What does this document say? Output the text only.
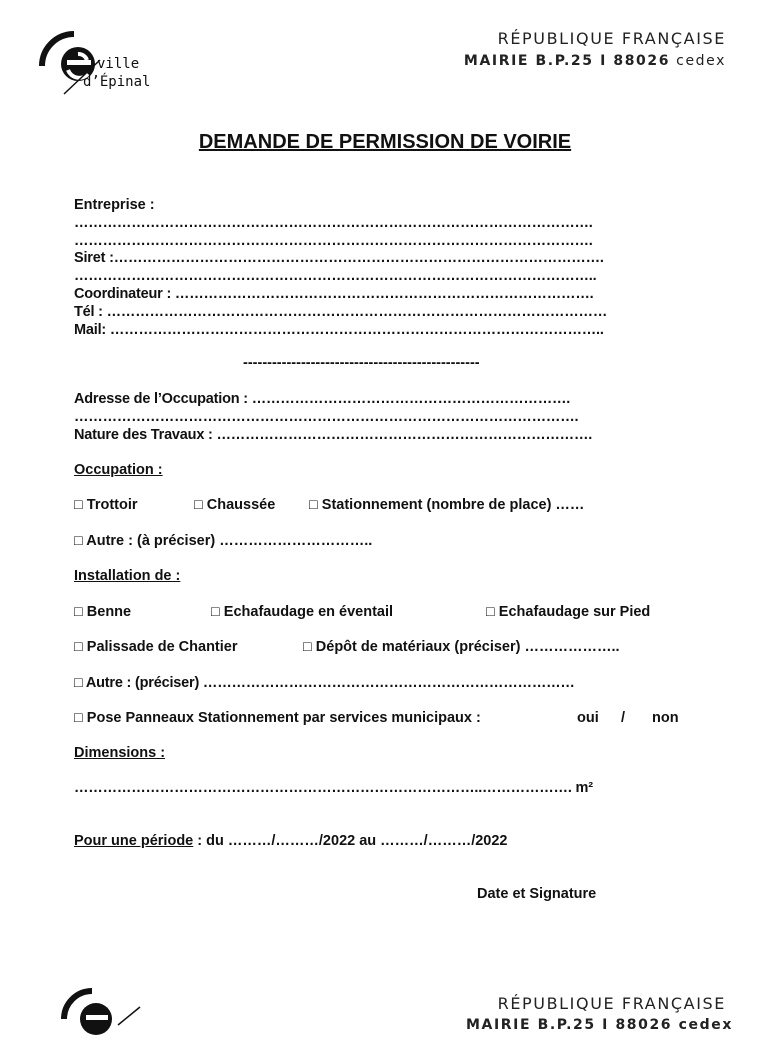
ville
d’Épinal
RÉPUBLIQUE FRANÇAISE
MAIRIE B.P.25 I 88026 cedex
DEMANDE DE PERMISSION DE VOIRIE
Entreprise :
……………………………………………………………………………………………….
……………………………………………………………………………………………….
Siret :………………………………………………………………………………………….
………………………………………………………………………………………………..
Coordinateur : …………………………………………………………………………….
Tél : ……………………………………………………………………………………………
Mail: …………………………………………………………………………………………..
-------------------------------------------------
Adresse de l’Occupation : ………………………………………………………….
…………………………………………………………………………………………….
Nature des Travaux : …………………………………………………………………….
Occupation :
□ Trottoir	□ Chaussée □ Stationnement (nombre de place) ……
□ Autre : (à préciser) …………………………..
Installation de :
□ Benne	□ Echafaudage en éventail	□ Echafaudage sur Pied
□ Palissade de Chantier	□ Dépôt de matériaux (préciser) ………………..
□ Autre : (préciser) ……………………………………………………………………
□ Pose Panneaux Stationnement par services municipaux :	oui / non
Dimensions :
…………………………………………………………………………..………………. m²
Pour une période : du ………/………/2022 au ………/………/2022
Date et Signature
RÉPUBLIQUE FRANÇAISE
MAIRIE B.P.25 I 88026 cedex
